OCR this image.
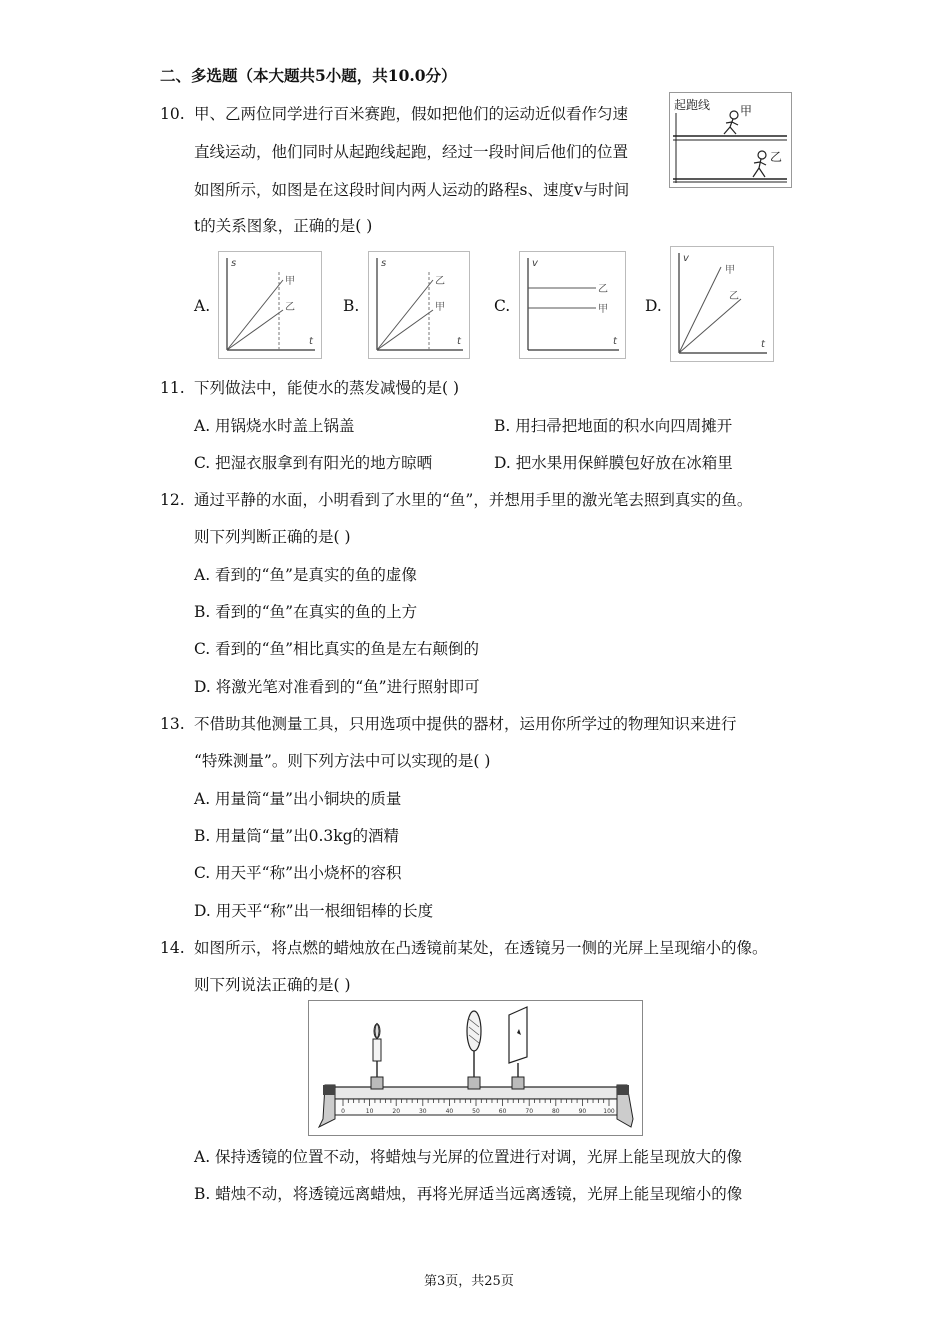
二、多选题（本大题共5小题，共10.0分）
10. 甲、乙两位同学进行百米赛跑，假如把他们的运动近似看作匀速
直线运动，他们同时从起跑线起跑，经过一段时间后他们的位置
如图所示，如图是在这段时间内两人运动的路程s、速度v与时间
t的关系图象，正确的是( )
起跑线 甲
乙
A.	B.	C.	D.
s
t
甲
乙
s
t
乙
甲
v
t
乙
甲
v
t
甲
乙
11. 下列做法中，能使水的蒸发减慢的是( )
A. 用锅烧水时盖上锅盖	B. 用扫帚把地面的积水向四周摊开
C. 把湿衣服拿到有阳光的地方晾晒	D. 把水果用保鲜膜包好放在冰箱里
12. 通过平静的水面，小明看到了水里的“鱼”，并想用手里的激光笔去照到真实的鱼。
则下列判断正确的是( )
A. 看到的“鱼”是真实的鱼的虚像
B. 看到的“鱼”在真实的鱼的上方
C. 看到的“鱼”相比真实的鱼是左右颠倒的
D. 将激光笔对准看到的“鱼”进行照射即可
13. 不借助其他测量工具，只用选项中提供的器材，运用你所学过的物理知识来进行
“特殊测量”。则下列方法中可以实现的是( )
A. 用量筒“量”出小铜块的质量
B. 用量筒“量”出0.3kg的酒精
C. 用天平“称”出小烧杯的容积
D. 用天平“称”出一根细铝棒的长度
14. 如图所示，将点燃的蜡烛放在凸透镜前某处，在透镜另一侧的光屏上呈现缩小的像。
则下列说法正确的是( )
0	10	20	30	40	50	60	70	80	90	100
A. 保持透镜的位置不动，将蜡烛与光屏的位置进行对调，光屏上能呈现放大的像
B. 蜡烛不动，将透镜远离蜡烛，再将光屏适当远离透镜，光屏上能呈现缩小的像
第3页，共25页
